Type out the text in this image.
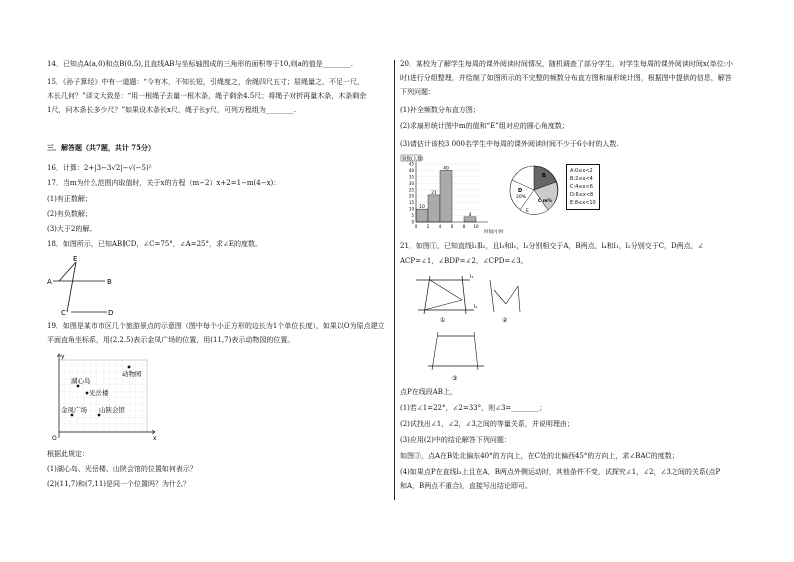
14．已知点A(a,0)和点B(0,5),且直线AB与坐标轴围成的三角形的面积等于10,则a的值是________.
15．《孙子算经》中有一道题：“今有木，不知长短，引绳度之，余绳四尺五寸；屈绳量之，不足一尺，
木长几何？”译文大致是：“用一根绳子去量一根木条，绳子剩余4.5尺；将绳子对折再量木条，木条剩余
1尺，问木条长多少尺？”如果设木条长x尺，绳子长y尺，可列方程组为________.
三．解答题（共7题，共计 75分）
16．计算：2+|3−3√2|−√(−5)²
17．当m为什么范围内取值时，关于x的方程（m−2）x+2=1−m(4−x)：
(1)有正数解；
(2)有负数解；
(3)大于2的解。
18．如图所示，已知AB∥CD，∠C=75°，∠A=25°，求∠E的度数。
E
A	B
C	D
19．如图是某市市区几个旅游景点的示意图（图中每个小正方形的边长为1个单位长度），如果以O为原点建立
平面直角坐标系，用(2,2.5)表示金凤广场的位置，用(11,7)表示动物园的位置。
y
x
O
动物园
湖心岛
光岳楼
金凤广场 山陕会馆
根据此规定：
(1)湖心岛、光岳楼、山陕会馆的位置如何表示？
(2)(11,7)和(7,11)是同一个位置吗？为什么？
20．某校为了解学生每周的课外阅读时间情况，随机调查了部分学生，对学生每周的课外阅读时间x(单位:小
时)进行分组整理，并绘制了如图所示的不完整的频数分布直方图和扇形统计图，根据图中提供的信息，解答
下列问题：
(1)补全频数分布直方图；
(2)求扇形统计图中m的值和“E”组对应的圆心角度数；
(3)请估计该校3 000名学生中每周的课外阅读时间不少于6小时的人数.
频数(人数)
0
5
10
15
20
25
30
35
40
45
0 2 4 6 8 10
10
21
40
4
时间/小时
B
D
20%
C m%
E
A:0≤x<2
B:2≤x<4
C:4≤x<6
D:6≤x<8
E:8≤x<10
21．如图①，已知直线l₁∥l₂，且l₃和l₁，l₂分别相交于A，B两点，l₄和l₁，l₂分别交于C，D两点，∠
ACP=∠1，∠BDP=∠2，∠CPD=∠3。
l₁
l₂
①	②
③
点P在线段AB上，
(1)若∠1=22°，∠2=33°，则∠3=________；
(2)试找出∠1，∠2，∠3之间的等量关系，并说明理由；
(3)应用(2)中的结论解答下列问题：
如图③，点A在B处北偏东40°的方向上，在C处的北偏西45°的方向上，求∠BAC的度数；
(4)如果点P在直线l₃上且在A，B两点外侧运动时，其他条件不变，试探究∠1，∠2，∠3之间的关系(点P
和A，B两点不重合)，直接写出结论即可。
